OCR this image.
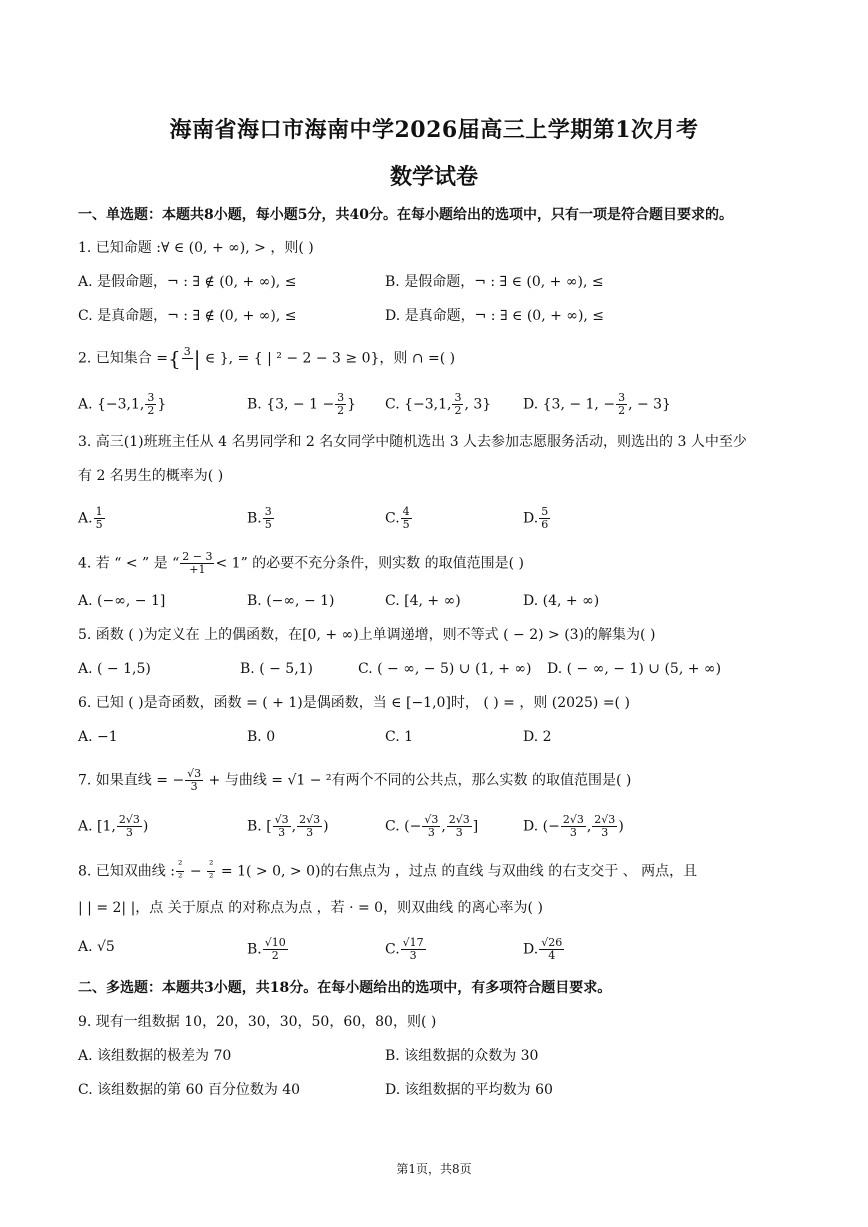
海南省海口市海南中学2026届高三上学期第1次月考
数学试卷
一、单选题：本题共8小题，每小题5分，共40分。在每小题给出的选项中，只有一项是符合题目要求的。
1. 已知命题 :∀ ∈ (0, + ∞), > ，则( )
A. 是假命题，¬ : ∃ ∉ (0, + ∞), ≤	B. 是假命题，¬ : ∃ ∈ (0, + ∞), ≤
C. 是真命题，¬ : ∃ ∉ (0, + ∞), ≤	D. 是真命题，¬ : ∃ ∈ (0, + ∞), ≤
2. 已知集合 ={ 3
| ∈ }, = { | ² − 2 − 3 ≥ 0}，则 ∩ =( )
A. {−3,1, $\frac{3}{2}$ }	B. {3, − $1 - \frac{3}{2}$ } C. {−3,1, $\frac{3}{2}$ , 3} D. {3, − 1, − $\frac{3}{2}$ , − 3}
3. 高三(1)班班主任从 4 名男同学和 2 名女同学中随机选出 3 人去参加志愿服务活动，则选出的 3 人中至少
有 2 名男生的概率为( )
A. $\frac{1}{5}$	B. $\frac{3}{5}$	C. $\frac{4}{5}$	D. $\frac{5}{6}$
4. 若 “ < ” 是 “ $\frac{2 - 3}{+1} < 1$” 的必要不充分条件，则实数 的取值范围是( )
A. (−∞, − 1]	B. (−∞, − 1)	C. [4, + ∞)	D. (4, + ∞)
5. 函数 ( )为定义在 上的偶函数，在[0, + ∞)上单调递增，则不等式 ( − 2) > (3)的解集为( )
A. ( − 1,5)	B. ( − 5,1)	C. ( − ∞, − 5) ∪ (1, + ∞) D. ( − ∞, − 1) ∪ (5, + ∞)
6. 已知 ( )是奇函数，函数 = ( + 1)是偶函数，当 ∈ [−1,0]时， ( ) = ，则 (2025) =( )
A. −1	B. 0	C. 1	D. 2
7. 如果直线 = − $\frac{√3}{3}$ + 与曲线 = √1 − ²有两个不同的公共点，那么实数 的取值范围是( )
A. [1, $\frac{2√3}{3}$ )	B. [ $\frac{√3}{3}$ , $\frac{2√3}{3}$ )	C. (− $\frac{√3}{3}$ , $\frac{2√3}{3}$ ]	D. (− $\frac{2√3}{3}$ , $\frac{2√3}{3}$ )
8. 已知双曲线 : $\frac{\text{²}}{\text{²}} - \frac{\text{²}}{\text{²}} = 1( > 0$, > 0)的右焦点为 ，过点 的直线 与双曲线 的右支交于 、 两点，且
| | = 2| |，点 关于原点 的对称点为点 ，若 · = 0，则双曲线 的离心率为( )
A. √5	B. $\frac{√10}{2}$	C. $\frac{√17}{3}$	D. $\frac{√26}{4}$
二、多选题：本题共3小题，共18分。在每小题给出的选项中，有多项符合题目要求。
9. 现有一组数据 10，20，30，30，50，60，80，则( )
A. 该组数据的极差为 70	B. 该组数据的众数为 30
C. 该组数据的第 60 百分位数为 40	D. 该组数据的平均数为 60
第1页，共8页
